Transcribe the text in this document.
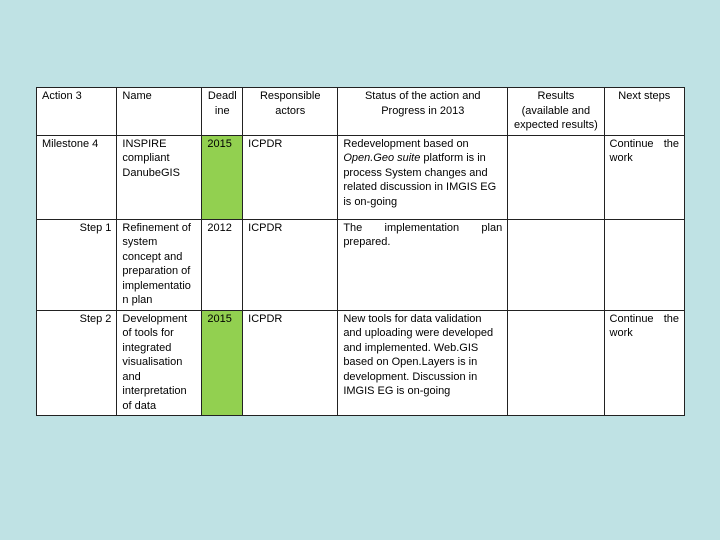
Action 3	Name	Deadl ine	Responsible actors	Status of the action and Progress in 2013	Results (available and expected results)	Next steps
Milestone 4	INSPIRE compliant DanubeGIS	2015	ICPDR	Redevelopment based on Open.Geo suite platform is in process System changes and related discussion in IMGIS EG is on-going		Continue the work
Step 1	Refinement of system concept and preparation of implementatio n plan	2012	ICPDR	The implementation plan prepared.		
Step 2	Development of tools for integrated visualisation and interpretation of data	2015	ICPDR	New tools for data validation and uploading were developed and implemented. Web.GIS based on Open.Layers is in development. Discussion in IMGIS EG is on-going		Continue the work
